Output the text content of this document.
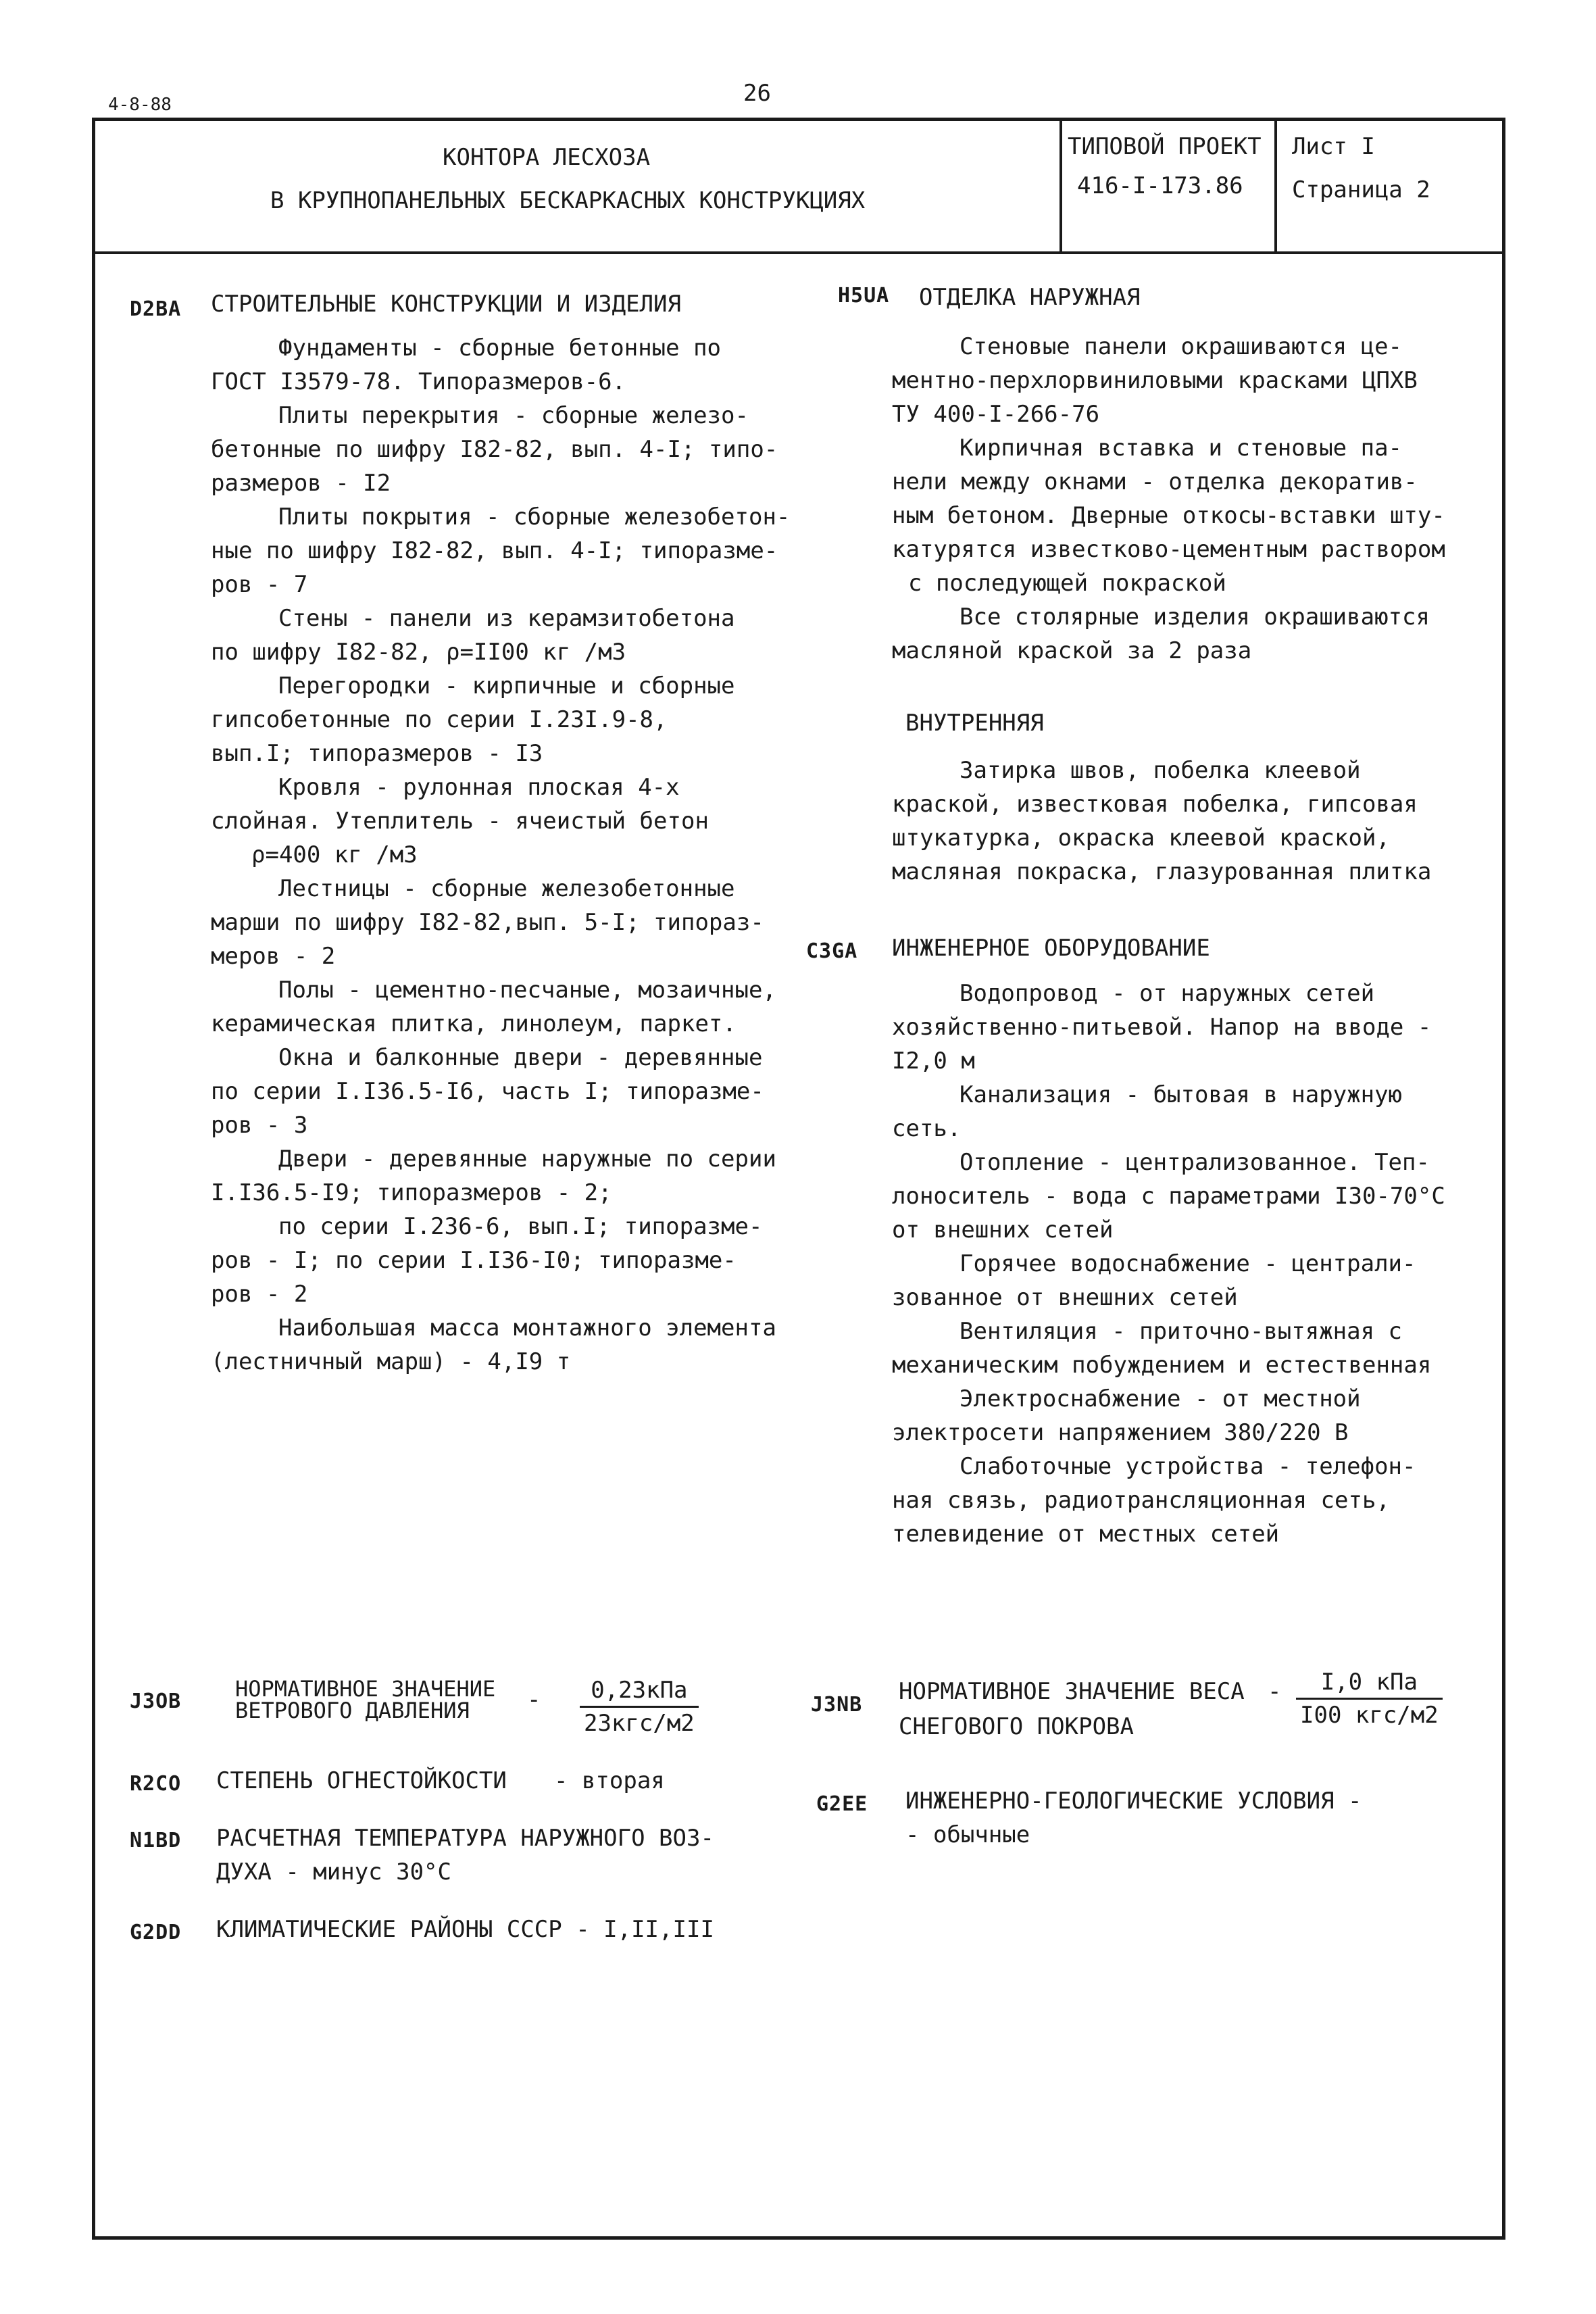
4-8-88	26
КОНТОРА ЛЕСХОЗА
В КРУПНОПАНЕЛЬНЫХ БЕСКАРКАСНЫХ КОНСТРУКЦИЯХ
ТИПОВОЙ ПРОЕКТ
416-I-173.86
Лист I
Страница 2
D2BA СТРОИТЕЛЬНЫЕ КОНСТРУКЦИИ И ИЗДЕЛИЯ

Фундаменты - сборные бетонные по

ГОСТ I3579-78. Типоразмеров-6.

Плиты перекрытия - сборные железо-

бетонные по шифру I82-82, вып. 4-I; типо-

размеров - I2

Плиты покрытия - сборные железобетон-

ные по шифру I82-82, вып. 4-I; типоразме-

ров - 7

Стены - панели из керамзитобетона

по шифру I82-82, ρ=II00 кг /м3

Перегородки - кирпичные и сборные

гипсобетонные по серии I.23I.9-8,

вып.I; типоразмеров - I3

Кровля - рулонная плоская 4-х

слойная. Утеплитель - ячеистый бетон

ρ=400 кг /м3

Лестницы - сборные железобетонные

марши по шифру I82-82,вып. 5-I; типораз-

меров - 2

Полы - цементно-песчаные, мозаичные,

керамическая плитка, линолеум, паркет.

Окна и балконные двери - деревянные

по серии I.I36.5-I6, часть I; типоразме-

ров - 3

Двери - деревянные наружные по серии

I.I36.5-I9; типоразмеров - 2;

по серии I.236-6, вып.I; типоразме-

ров - I; по серии I.I36-I0; типоразме-

ров - 2

Наибольшая масса монтажного элемента

(лестничный марш) - 4,I9 т

H5UA ОТДЕЛКА НАРУЖНАЯ

Стеновые панели окрашиваются це-

ментно-перхлорвиниловыми красками ЦПХВ

ТУ 400-I-266-76

Кирпичная вставка и стеновые па-

нели между окнами - отделка декоратив-

ным бетоном. Дверные откосы-вставки шту-

катурятся известково-цементным раствором

с последующей покраской

Все столярные изделия окрашиваются

масляной краской за 2 раза

ВНУТРЕННЯЯ

Затирка швов, побелка клеевой

краской, известковая побелка, гипсовая

штукатурка, окраска клеевой краской,

масляная покраска, глазурованная плитка

C3GA ИНЖЕНЕРНОЕ ОБОРУДОВАНИЕ

Водопровод - от наружных сетей

хозяйственно-питьевой. Напор на вводе -

I2,0 м

Канализация - бытовая в наружную

сеть.

Отопление - централизованное. Теп-

лоноситель - вода с параметрами I30-70°С

от внешних сетей

Горячее водоснабжение - централи-

зованное от внешних сетей

Вентиляция - приточно-вытяжная с

механическим побуждением и естественная

Электроснабжение - от местной

электросети напряжением 380/220 В

Слаботочные устройства - телефон-

ная связь, радиотрансляционная сеть,

телевидение от местных сетей

J3OB НОРМАТИВНОЕ ЗНАЧЕНИЕ
ВЕТРОВОГО ДАВЛЕНИЯ	-	0,23кПа
23кгс/м2
R2CO СТЕПЕНЬ ОГНЕСТОЙКОСТИ - вторая
N1BD РАСЧЕТНАЯ ТЕМПЕРАТУРА НАРУЖНОГО ВОЗ-
ДУХА - минус 30°С
G2DD КЛИМАТИЧЕСКИЕ РАЙОНЫ СССР - I,II,III
J3NB НОРМАТИВНОЕ ЗНАЧЕНИЕ ВЕСА -
СНЕГОВОГО ПОКРОВА
I,0 кПа
I00 кгс/м2
G2EE ИНЖЕНЕРНО-ГЕОЛОГИЧЕСКИЕ УСЛОВИЯ -
- обычные
